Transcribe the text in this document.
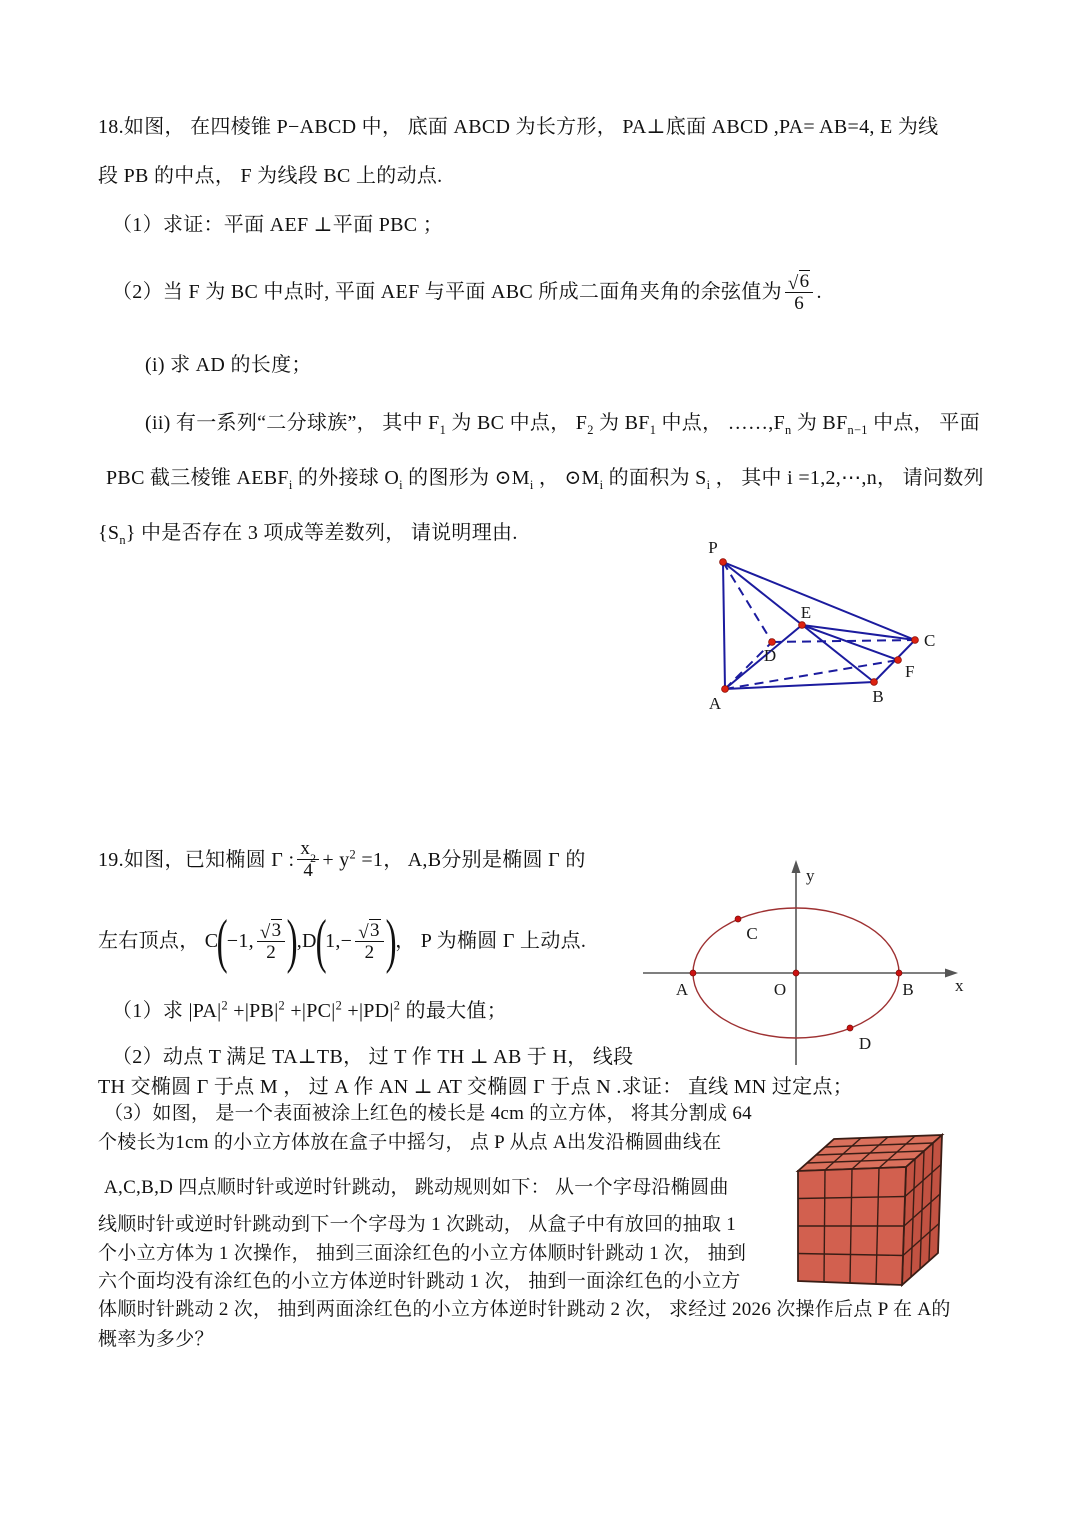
18.如图， 在四棱锥 P−ABCD 中， 底面 ABCD 为长方形， PA⊥底面 ABCD ,PA= AB=4, E 为线
段 PB 的中点， F 为线段 BC 上的动点.
（1）求证：平面 AEF ⊥平面 PBC ；
（2）当 F 为 BC 中点时, 平面 AEF 与平面 ABC 所成二面角夹角的余弦值为 $\frac{√ 6}{6}$ .
(i) 求 AD 的长度；
(ii) 有一系列“二分球族”， 其中 $F_1$ 为 BC 中点， $F_2$ 为 $BF_1$ 中点， $\dots\dots,F_n$ 为 $BF_{n-1}$ 中点， 平面
PBC 截三棱锥 $AEBF_i$ 的外接球 $O_i$ 的图形为 $⊙M_i$ ， $⊙M_i$ 的面积为 $S_i$ ， 其中 i =1,2,⋯,n， 请问数列
$\{S_n\}$ 中是否存在 3 项成等差数列， 请说明理由.
P
E
C
D
F
A	B
19.如图，已知椭圆 Γ : $\frac{x 2}{4} + y^2 =1$， A,B分别是椭圆 Γ 的
左右顶点， C
(
−1, $\frac{√ 3}{2}$ )
,D
(
$1,- \frac{√ 3}{2}$ )
， P 为椭圆 Γ 上动点.
（1）求 $|PA|^2 +|PB|^2 +|PC|^2 +|PD|^2$ 的最大值；
（2）动点 T 满足 TA⊥TB， 过 T 作 TH ⊥ AB 于 H， 线段
TH 交椭圆 Γ 于点 M ， 过 A 作 AN ⊥ AT 交椭圆 Γ 于点 N .求证： 直线 MN 过定点；
（3）如图， 是一个表面被涂上红色的棱长是 4cm 的立方体， 将其分割成 64
个棱长为1cm 的小立方体放在盒子中摇匀， 点 P 从点 A出发沿椭圆曲线在
A,C,B,D 四点顺时针或逆时针跳动， 跳动规则如下： 从一个字母沿椭圆曲
线顺时针或逆时针跳动到下一个字母为 1 次跳动， 从盒子中有放回的抽取 1
个小立方体为 1 次操作， 抽到三面涂红色的小立方体顺时针跳动 1 次， 抽到
六个面均没有涂红色的小立方体逆时针跳动 1 次， 抽到一面涂红色的小立方
体顺时针跳动 2 次， 抽到两面涂红色的小立方体逆时针跳动 2 次， 求经过 2026 次操作后点 P 在 A的
概率为多少？
x
y
O
A	B
C
D
